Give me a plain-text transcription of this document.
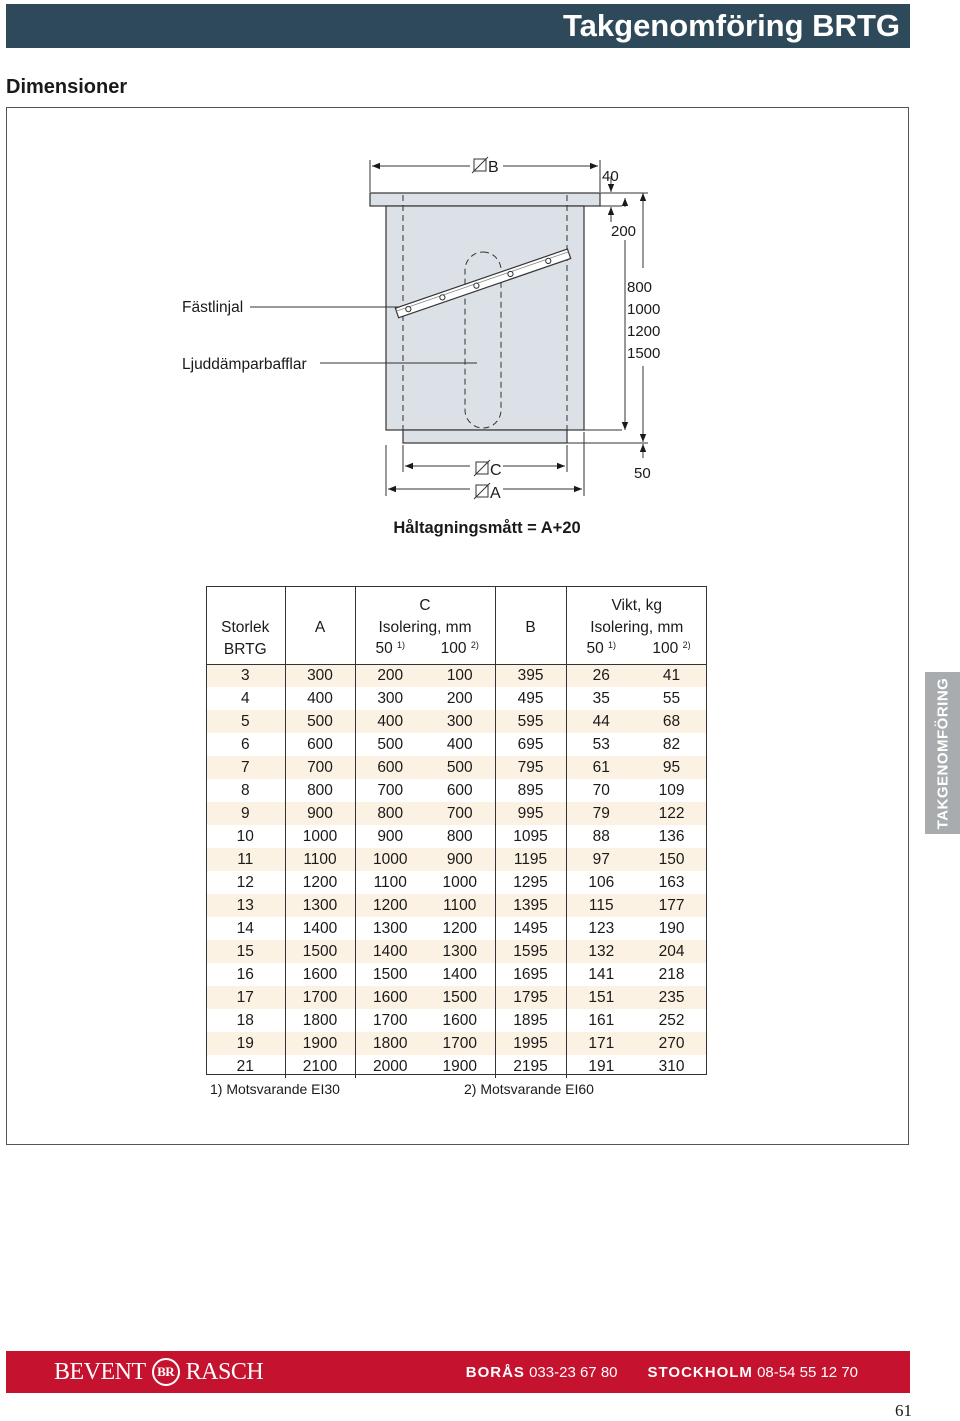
Takgenomföring BRTG
Dimensioner
B
40
200
800
1000
1200
1500
50
C
A
Fästlinjal
Ljuddämparbafflar
Håltagningsmått = A+20
TAKGENOMFÖRING
		C			Vikt, kg	
Storlek	A	Isolering, mm		B	Isolering, mm	
BRTG		50 $^{1)}$	100 $^{2)}$		50 $^{1)}$	100 $^{2)}$
3	300	200	100	395	26	41
4	400	300	200	495	35	55
5	500	400	300	595	44	68
6	600	500	400	695	53	82
7	700	600	500	795	61	95
8	800	700	600	895	70	109
9	900	800	700	995	79	122
10	1000	900	800	1095	88	136
11	1100	1000	900	1195	97	150
12	1200	1100	1000	1295	106	163
13	1300	1200	1100	1395	115	177
14	1400	1300	1200	1495	123	190
15	1500	1400	1300	1595	132	204
16	1600	1500	1400	1695	141	218
17	1700	1600	1500	1795	151	235
18	1800	1700	1600	1895	161	252
19	1900	1800	1700	1995	171	270
21	2100	2000	1900	2195	191	310
1) Motsvarande EI30	2) Motsvarande EI60
BEVENT BR RASCH	BORÅS 033-23 67 80 STOCKHOLM 08-54 55 12 70
61
